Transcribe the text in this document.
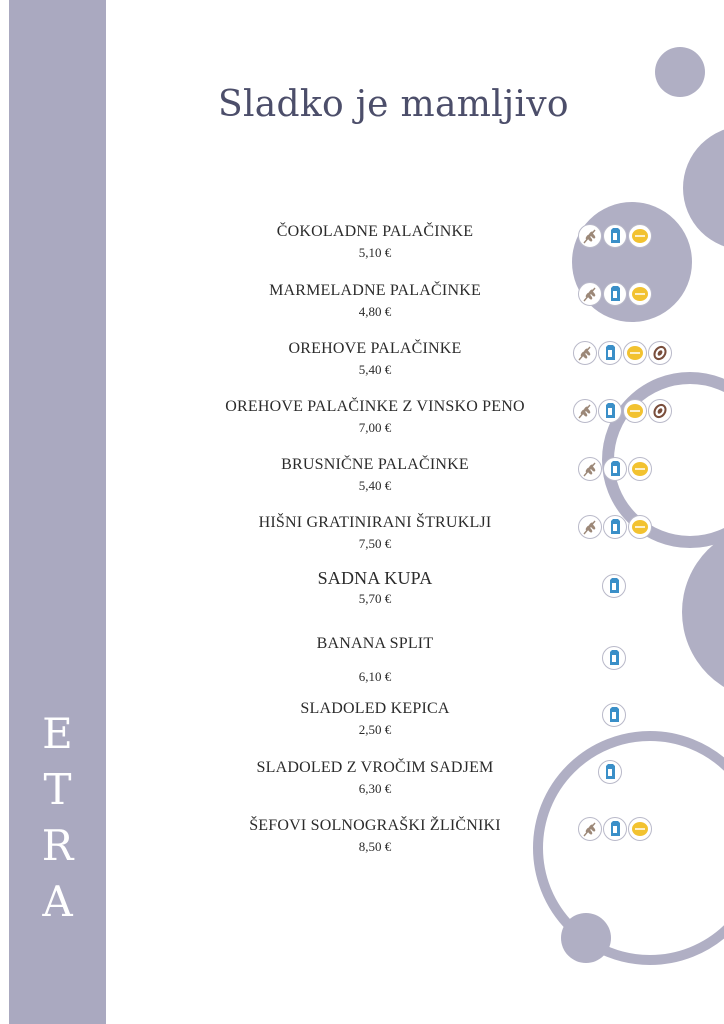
E
T
R
A
Sladko je mamljivo
ČOKOLADNE PALAČINKE
5,10 €
MARMELADNE PALAČINKE
4,80 €
OREHOVE PALAČINKE
5,40 €
OREHOVE PALAČINKE Z VINSKO PENO
7,00 €
BRUSNIČNE PALAČINKE
5,40 €
HIŠNI GRATINIRANI ŠTRUKLJI
7,50 €
SADNA KUPA
5,70 €
BANANA SPLIT
6,10 €
SLADOLED KEPICA
2,50 €
SLADOLED Z VROČIM SADJEM
6,30 €
ŠEFOVI SOLNOGRAŠKI ŽLIČNIKI
8,50 €
